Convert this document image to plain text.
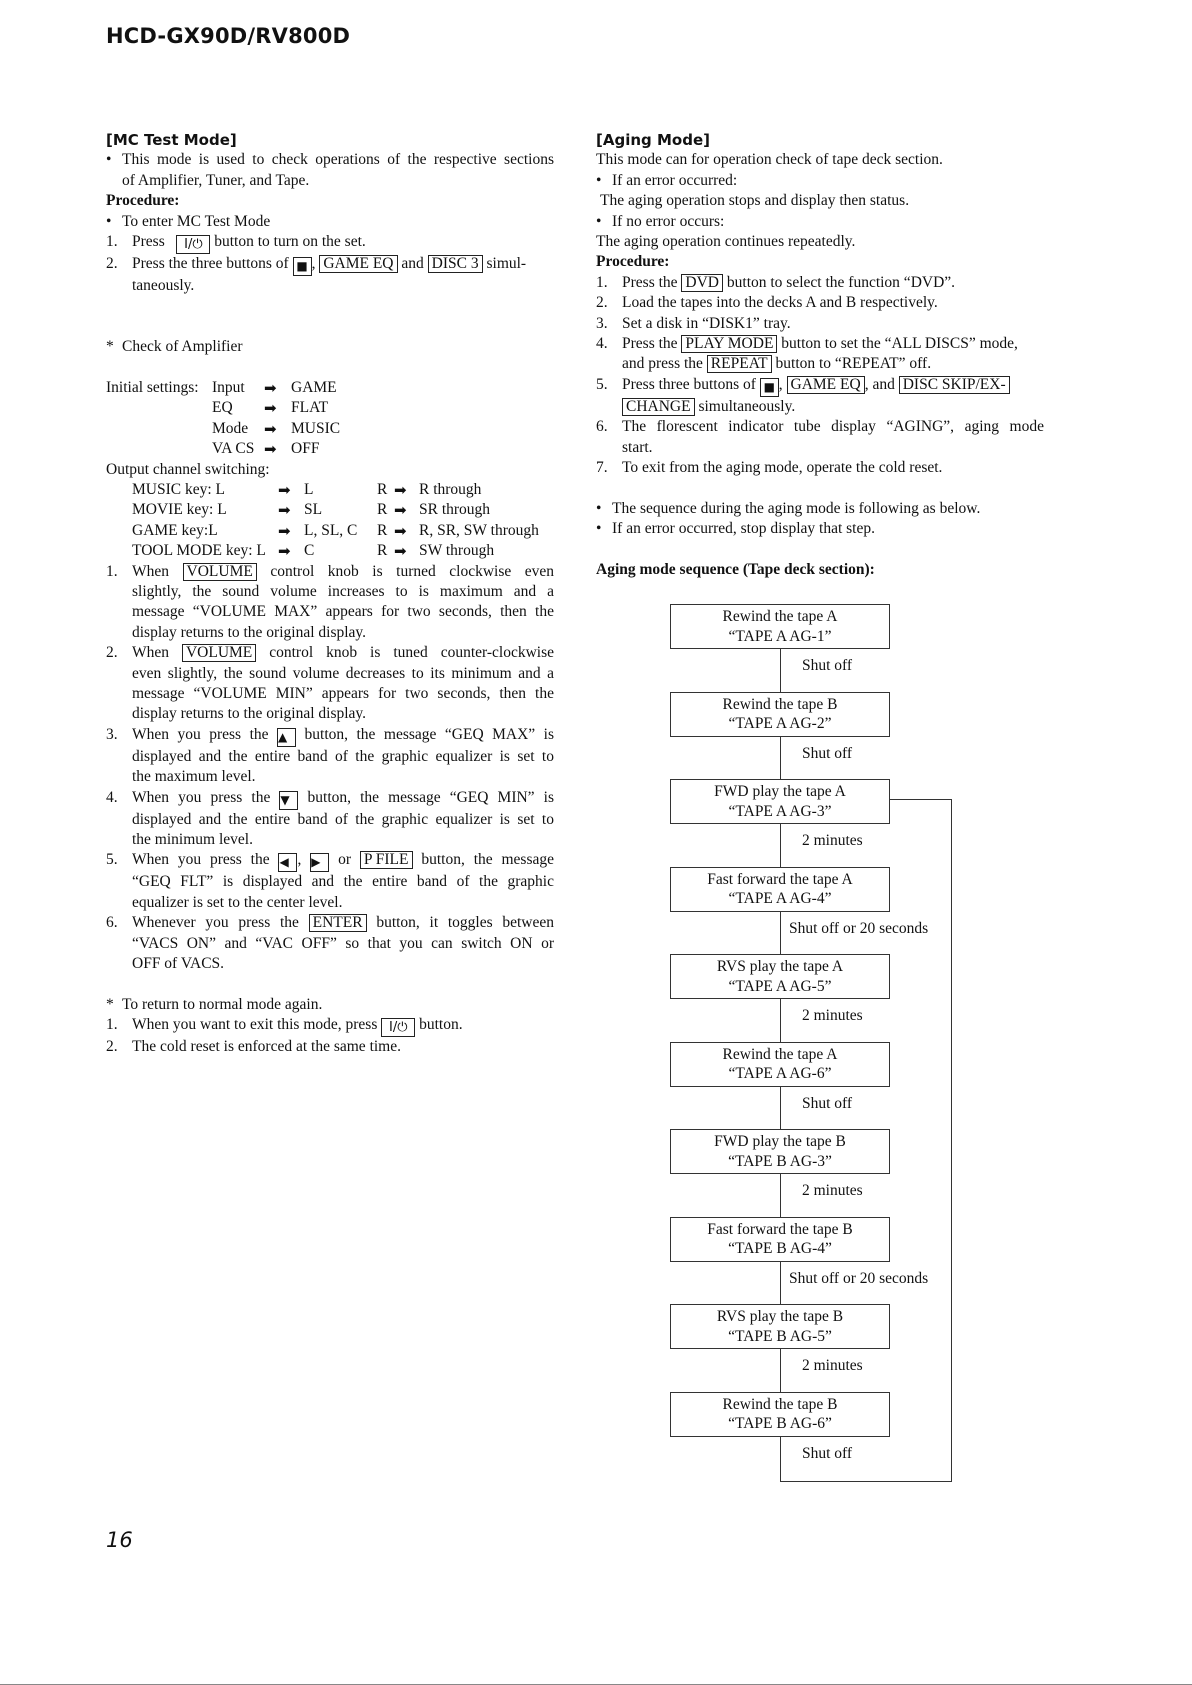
HCD-GX90D/RV800D
[MC Test Mode]
• This mode is used to check operations of the respective sections
of Amplifier, Tuner, and Tape.
Procedure:
• To enter MC Test Mode
1. Press I/⏻ button to turn on the set.
2. Press the three buttons of ■ , GAME EQ and DISC 3 simul-
taneously.
* Check of Amplifier
Initial settings: Input ➡ GAME
EQ ➡ FLAT
Mode ➡ MUSIC
VA CS ➡ OFF
Output channel switching:
MUSIC key: L	➡ L	R ➡ R through
MOVIE key: L	➡ SL	R ➡ SR through
GAME key:L	➡ L, SL, C R ➡ R, SR, SW through
TOOL MODE key: L ➡ C	R ➡ SW through
1. When VOLUME control knob is turned clockwise even
slightly, the sound volume increases to is maximum and a
message “VOLUME MAX” appears for two seconds, then the
display returns to the original display.
2. When VOLUME control knob is tuned counter-clockwise
even slightly, the sound volume decreases to its minimum and a
message “VOLUME MIN” appears for two seconds, then the
display returns to the original display.
3. When you press the ▲ button, the message “GEQ MAX” is
displayed and the entire band of the graphic equalizer is set to
the maximum level.
4. When you press the ▼ button, the message “GEQ MIN” is
displayed and the entire band of the graphic equalizer is set to
the minimum level.
5. When you press the ◀ , ▶ or P FILE button, the message
“GEQ FLT” is displayed and the entire band of the graphic
equalizer is set to the center level.
6. Whenever you press the ENTER button, it toggles between
“VACS ON” and “VAC OFF” so that you can switch ON or
OFF of VACS.
* To return to normal mode again.
1. When you want to exit this mode, press I/⏻ button.
2. The cold reset is enforced at the same time.
[Aging Mode]
This mode can for operation check of tape deck section.
• If an error occurred:
The aging operation stops and display then status.
• If no error occurs:
The aging operation continues repeatedly.
Procedure:
1. Press the DVD button to select the function “DVD”.
2. Load the tapes into the decks A and B respectively.
3. Set a disk in “DISK1” tray.
4. Press the PLAY MODE button to set the “ALL DISCS” mode,
and press the REPEAT button to “REPEAT” off.
5. Press three buttons of ■ , GAME EQ , and DISC SKIP/EX-
CHANGE simultaneously.
6. The florescent indicator tube display “AGING”, aging mode
start.
7. To exit from the aging mode, operate the cold reset.
• The sequence during the aging mode is following as below.
• If an error occurred, stop display that step.
Aging mode sequence (Tape deck section):
Rewind the tape A
“TAPE A AG-1”
Shut off
Rewind the tape B
“TAPE A AG-2”
Shut off
FWD play the tape A
“TAPE A AG-3”
2 minutes
Fast forward the tape A
“TAPE A AG-4”
Shut off or 20 seconds
RVS play the tape A
“TAPE A AG-5”
2 minutes
Rewind the tape A
“TAPE A AG-6”
Shut off
FWD play the tape B
“TAPE B AG-3”
2 minutes
Fast forward the tape B
“TAPE B AG-4”
Shut off or 20 seconds
RVS play the tape B
“TAPE B AG-5”
2 minutes
Rewind the tape B
“TAPE B AG-6”
Shut off
16
